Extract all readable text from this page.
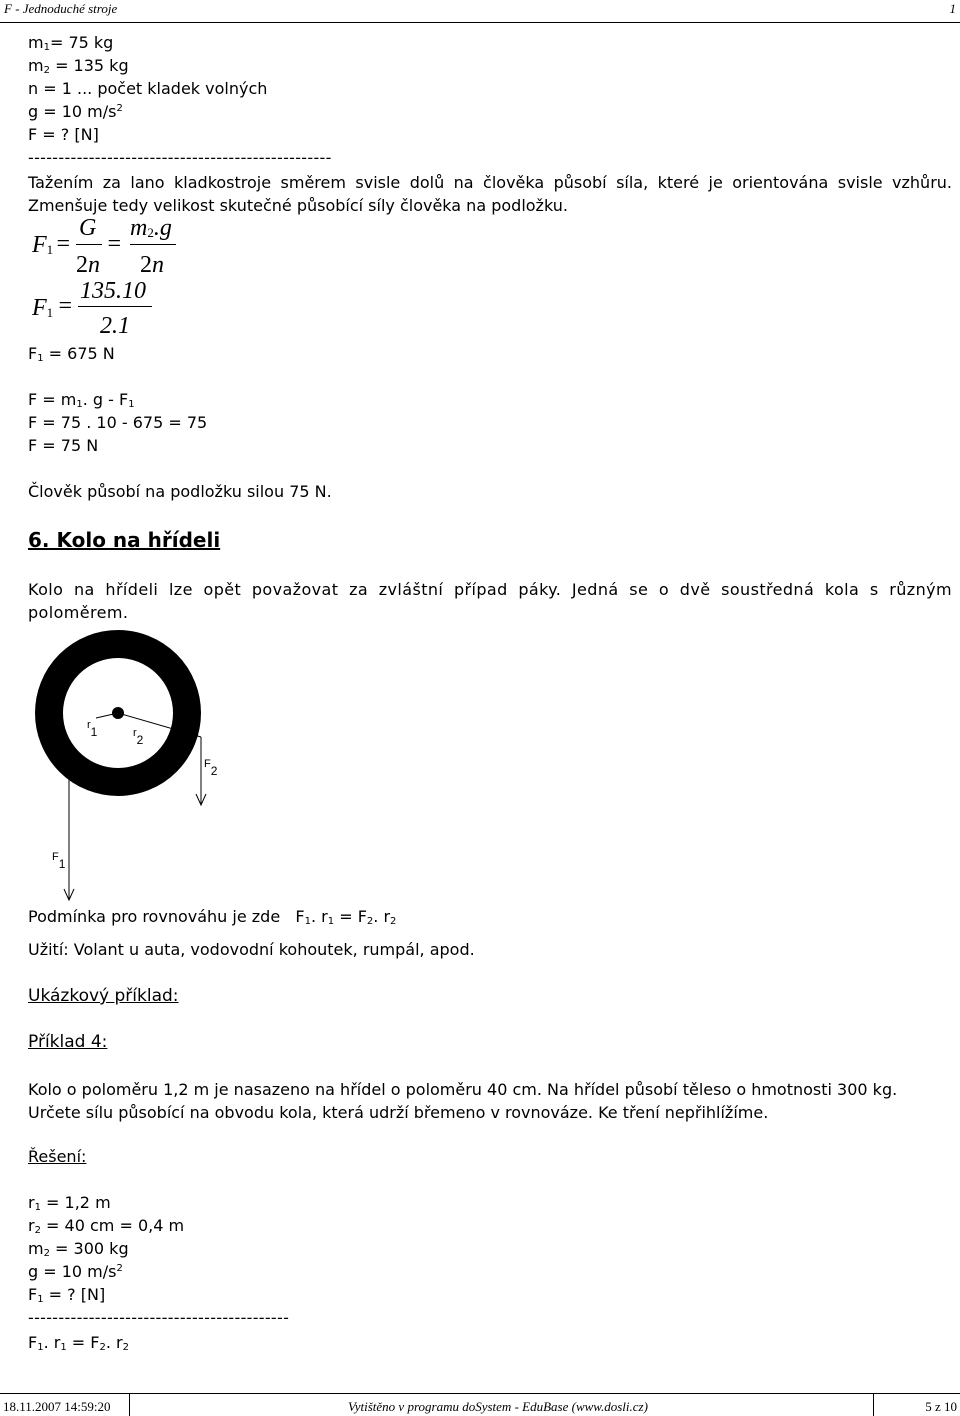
F - Jednoduché stroje	1
$m_1= 75$ kg
$m_2 = 135$ kg
n = 1 ... počet kladek volných
g = 10 $m/s^2$
F = ? [N]
--------------------------------------------------
Tažením za lano kladkostroje směrem svisle dolů na člověka působí síla, které je orientována svisle vzhůru. Zmenšuje tedy velikost skutečné působící síly člověka na podložku.
$F_1$ =
G
2n
=
$m_2.g$
2n
$F_1$ =
135.10
2.1
$F_1 = 675$ N
$F = m_1$. g - $F_1$
F = 75 . 10 - 675 = 75
F = 75 N
Člověk působí na podložku silou 75 N.
6. Kolo na hřídeli
Kolo na hřídeli lze opět považovat za zvláštní případ páky. Jedná se o dvě soustředná kola s různým poloměrem.
r1	r2
F2
F1
Podmínka pro rovnováhu je zde $F_1$. $r_1 = F_2$. $r_2$
Užití: Volant u auta, vodovodní kohoutek, rumpál, apod.
Ukázkový příklad:
Příklad 4:
Kolo o poloměru 1,2 m je nasazeno na hřídel o poloměru 40 cm. Na hřídel působí těleso o hmotnosti 300 kg. Určete sílu působící na obvodu kola, která udrží břemeno v rovnováze. Ke tření nepřihlížíme.
Řešení:
$r_1 = 1,2$ m
$r_2 = 40$ cm = 0,4 m
$m_2 = 300$ kg
g = 10 $m/s^2$
$F_1$ = ? [N]
-------------------------------------------
$F_1$. $r_1 = F_2$. $r_2$
18.11.2007 14:59:20	Vytištěno v programu doSystem - EduBase (www.dosli.cz)	5 z 10
